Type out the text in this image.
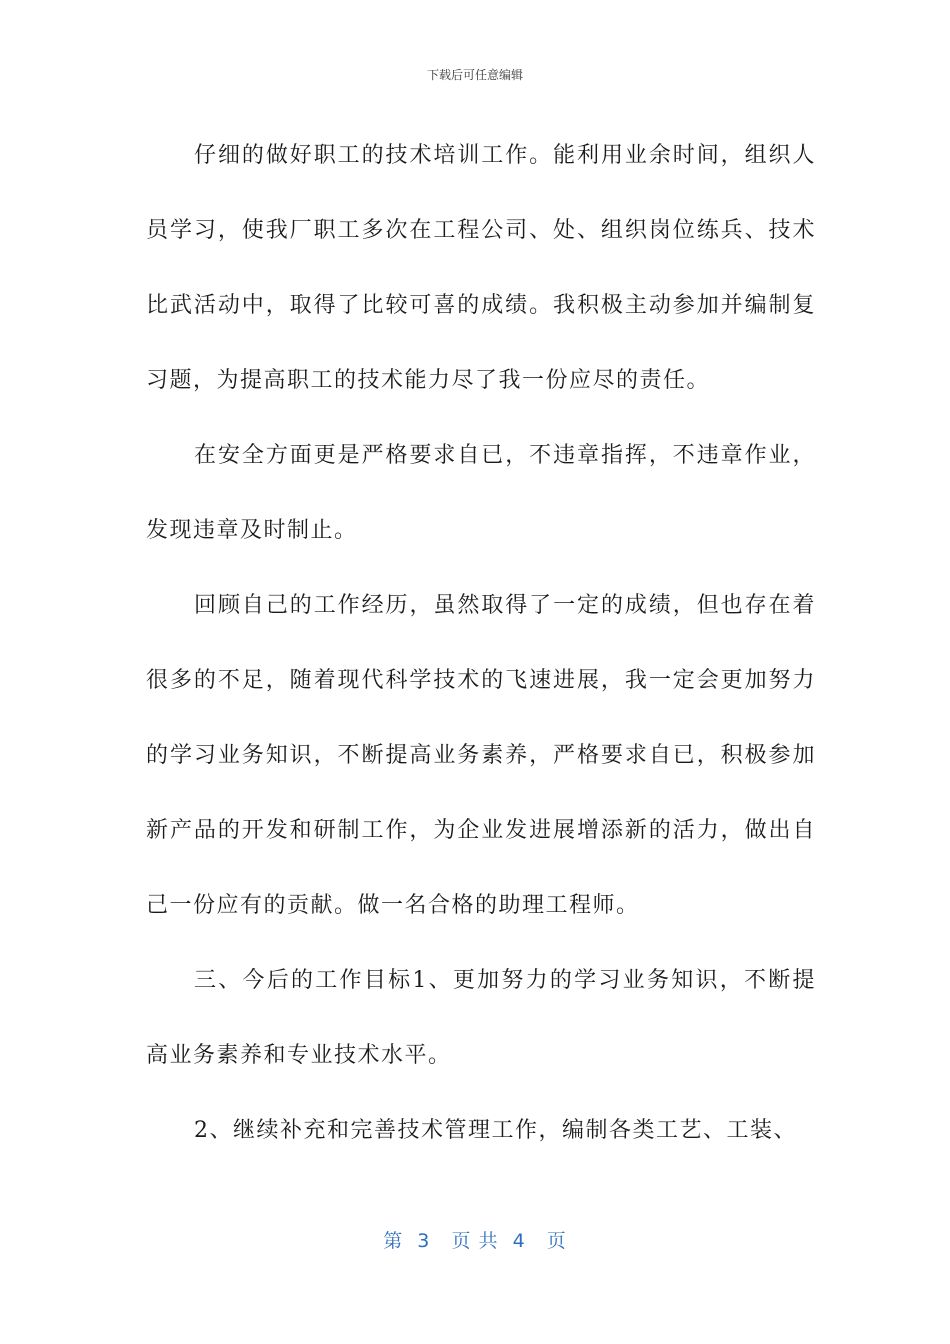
下载后可任意编辑

仔细的做好职工的技术培训工作。能利用业余时间，组织人员学习，使我厂职工多次在工程公司、处、组织岗位练兵、技术比武活动中，取得了比较可喜的成绩。我积极主动参加并编制复习题，为提高职工的技术能力尽了我一份应尽的责任。

在安全方面更是严格要求自已，不违章指挥，不违章作业，发现违章及时制止。

回顾自己的工作经历，虽然取得了一定的成绩，但也存在着很多的不足，随着现代科学技术的飞速进展，我一定会更加努力的学习业务知识，不断提高业务素养，严格要求自已，积极参加新产品的开发和研制工作，为企业发进展增添新的活力，做出自己一份应有的贡献。做一名合格的助理工程师。

三、今后的工作目标1、更加努力的学习业务知识，不断提高业务素养和专业技术水平。

2、继续补充和完善技术管理工作，编制各类工艺、工装、

第  3   页 共  4   页
